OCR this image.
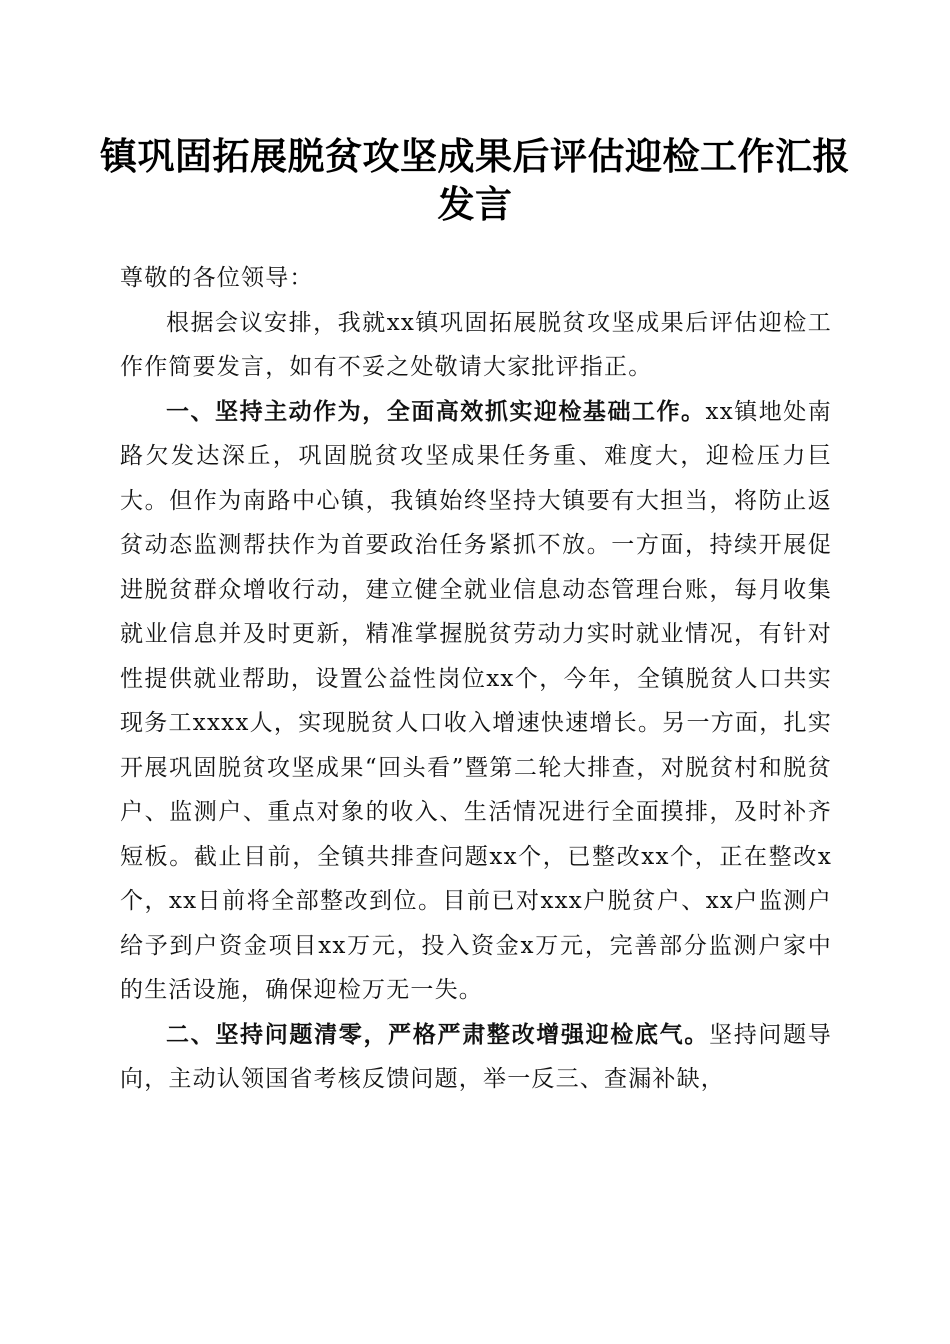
镇巩固拓展脱贫攻坚成果后评估迎检工作汇报
发言

尊敬的各位领导：

根据会议安排，我就xx镇巩固拓展脱贫攻坚成果后评估迎检工作作简要发言，如有不妥之处敬请大家批评指正。

一、坚持主动作为，全面高效抓实迎检基础工作。xx镇地处南路欠发达深丘，巩固脱贫攻坚成果任务重、难度大，迎检压力巨大。但作为南路中心镇，我镇始终坚持大镇要有大担当，将防止返贫动态监测帮扶作为首要政治任务紧抓不放。一方面，持续开展促进脱贫群众增收行动，建立健全就业信息动态管理台账，每月收集就业信息并及时更新，精准掌握脱贫劳动力实时就业情况，有针对性提供就业帮助，设置公益性岗位xx个，今年，全镇脱贫人口共实现务工xxxx人，实现脱贫人口收入增速快速增长。另一方面，扎实开展巩固脱贫攻坚成果“回头看”暨第二轮大排查，对脱贫村和脱贫户、监测户、重点对象的收入、生活情况进行全面摸排，及时补齐短板。截止目前，全镇共排查问题xx个，已整改xx个，正在整改x个，xx日前将全部整改到位。目前已对xxx户脱贫户、xx户监测户给予到户资金项目xx万元，投入资金x万元，完善部分监测户家中的生活设施，确保迎检万无一失。

二、坚持问题清零，严格严肃整改增强迎检底气。坚持问题导向，主动认领国省考核反馈问题，举一反三、查漏补缺，
